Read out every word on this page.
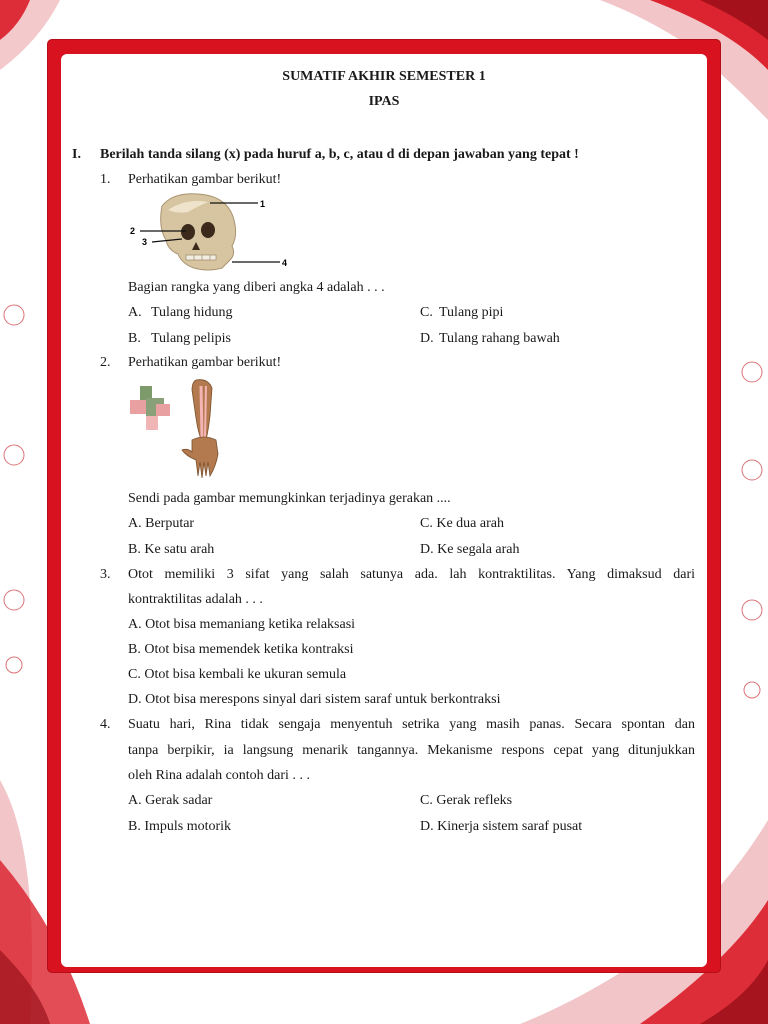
SUMATIF AKHIR SEMESTER 1
IPAS
I. Berilah tanda silang (x) pada huruf a, b, c, atau d di depan jawaban yang tepat !
1. Perhatikan gambar berikut!
1
2
3
4
Bagian rangka yang diberi angka 4 adalah . . .
A. Tulang hidung	C. Tulang pipi
B. Tulang pelipis	D. Tulang rahang bawah
2. Perhatikan gambar berikut!
Sendi pada gambar memungkinkan terjadinya gerakan ....
A. Berputar	C. Ke dua arah
B. Ke satu arah	D. Ke segala arah
3. Otot memiliki 3 sifat yang salah satunya ada. lah kontraktilitas. Yang dimaksud dari
kontraktilitas adalah . . .
A. Otot bisa memaniang ketika relaksasi
B. Otot bisa memendek ketika kontraksi
C. Otot bisa kembali ke ukuran semula
D. Otot bisa merespons sinyal dari sistem saraf untuk berkontraksi
4. Suatu hari, Rina tidak sengaja menyentuh setrika yang masih panas. Secara spontan dan
tanpa berpikir, ia langsung menarik tangannya. Mekanisme respons cepat yang ditunjukkan
oleh Rina adalah contoh dari . . .
A. Gerak sadar	C. Gerak refleks
B. Impuls motorik	D. Kinerja sistem saraf pusat
